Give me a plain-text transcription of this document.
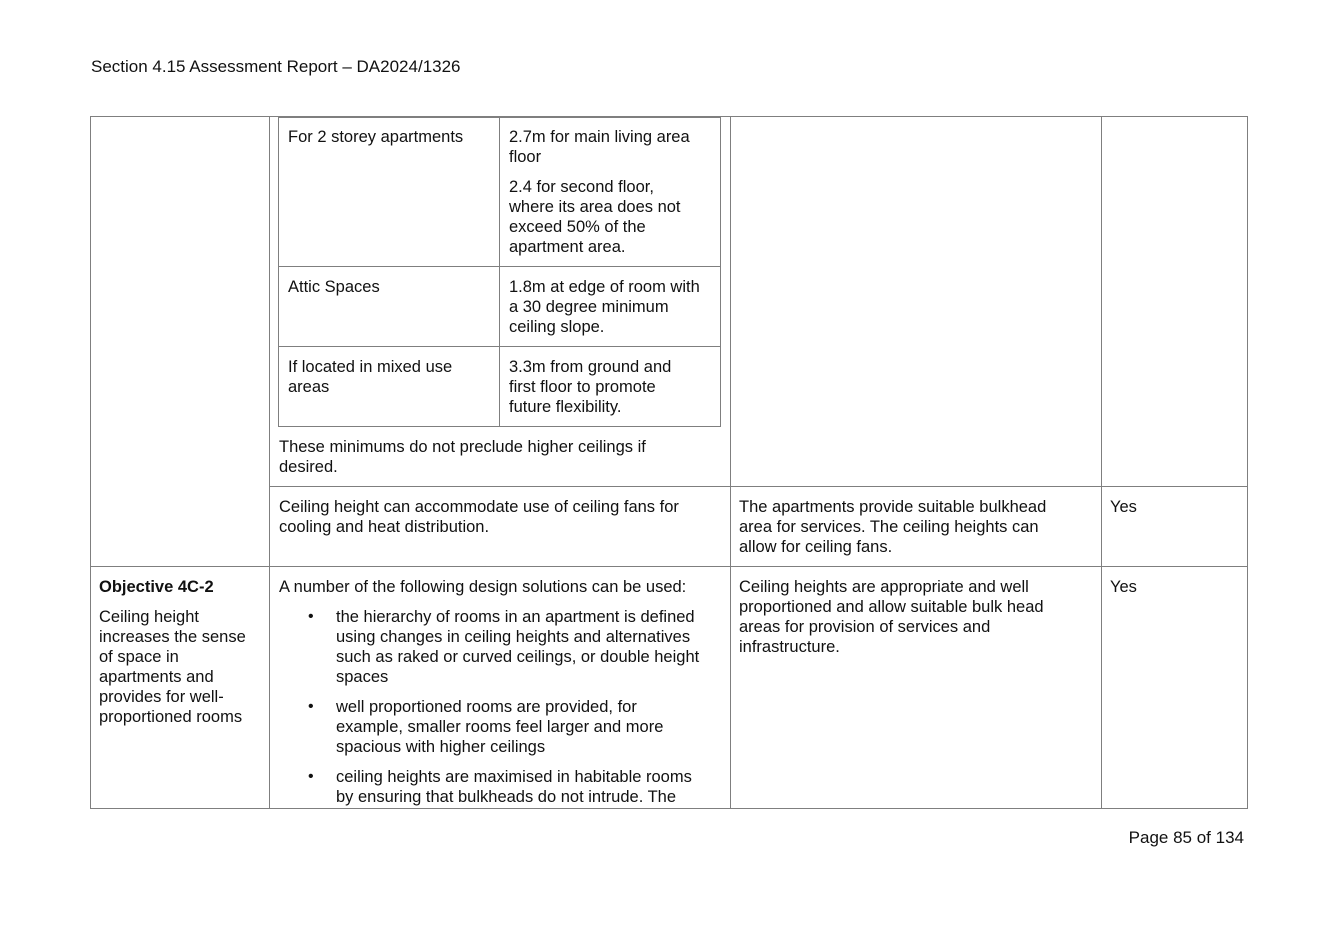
Section 4.15 Assessment Report – DA2024/1326
For 2 storey apartments	2.7m for main living area
floor
2.4 for second floor,
where its area does not
exceed 50% of the
apartment area.
Attic Spaces	1.8m at edge of room with
a 30 degree minimum
ceiling slope.
If located in mixed use
areas
3.3m from ground and
first floor to promote
future flexibility.
These minimums do not preclude higher ceilings if
desired.
Ceiling height can accommodate use of ceiling fans for
cooling and heat distribution.
The apartments provide suitable bulkhead
area for services. The ceiling heights can
allow for ceiling fans.
Yes
Objective 4C-2
Ceiling height
increases the sense
of space in
apartments and
provides for well-
proportioned rooms
A number of the following design solutions can be used:
• the hierarchy of rooms in an apartment is defined
using changes in ceiling heights and alternatives
such as raked or curved ceilings, or double height
spaces
• well proportioned rooms are provided, for
example, smaller rooms feel larger and more
spacious with higher ceilings
• ceiling heights are maximised in habitable rooms
by ensuring that bulkheads do not intrude. The
Ceiling heights are appropriate and well
proportioned and allow suitable bulk head
areas for provision of services and
infrastructure.
Yes
Page 85 of 134
